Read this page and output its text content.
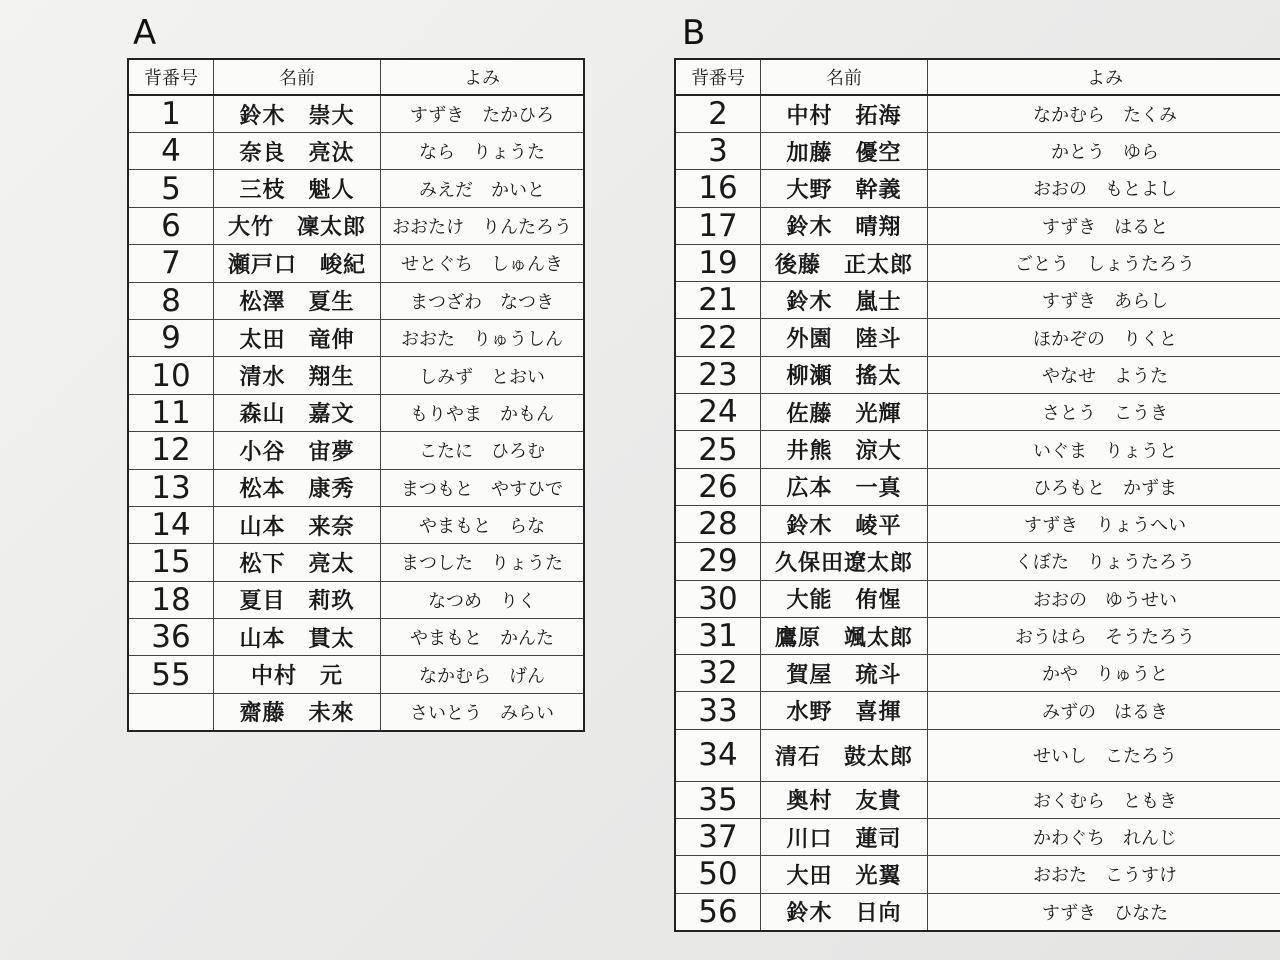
A
背番号	名前	よみ
1	鈴木　崇大	すずき　たかひろ
4	奈良　亮汰	なら　りょうた
5	三枝　魁人	みえだ　かいと
6	大竹　凜太郎	おおたけ　りんたろう
7	瀬戸口　峻紀	せとぐち　しゅんき
8	松澤　夏生	まつざわ　なつき
9	太田　竜伸	おおた　りゅうしん
10	清水　翔生	しみず　とおい
11	森山　嘉文	もりやま　かもん
12	小谷　宙夢	こたに　ひろむ
13	松本　康秀	まつもと　やすひで
14	山本　来奈	やまもと　らな
15	松下　亮太	まつした　りょうた
18	夏目　莉玖	なつめ　りく
36	山本　貫太	やまもと　かんた
55	中村　元	なかむら　げん
	齋藤　未來	さいとう　みらい
B
背番号	名前	よみ
2	中村　拓海	なかむら　たくみ
3	加藤　優空	かとう　ゆら
16	大野　幹義	おおの　もとよし
17	鈴木　晴翔	すずき　はると
19	後藤　正太郎	ごとう　しょうたろう
21	鈴木　嵐士	すずき　あらし
22	外園　陸斗	ほかぞの　りくと
23	柳瀬　搖太	やなせ　ようた
24	佐藤　光輝	さとう　こうき
25	井熊　涼大	いぐま　りょうと
26	広本　一真	ひろもと　かずま
28	鈴木　崚平	すずき　りょうへい
29	久保田遼太郎	くぼた　りょうたろう
30	大能　侑惺	おおの　ゆうせい
31	鷹原　颯太郎	おうはら　そうたろう
32	賀屋　琉斗	かや　りゅうと
33	水野　喜揮	みずの　はるき
34	清石　鼓太郎	せいし　こたろう
35	奥村　友貴	おくむら　ともき
37	川口　蓮司	かわぐち　れんじ
50	大田　光翼	おおた　こうすけ
56	鈴木　日向	すずき　ひなた
